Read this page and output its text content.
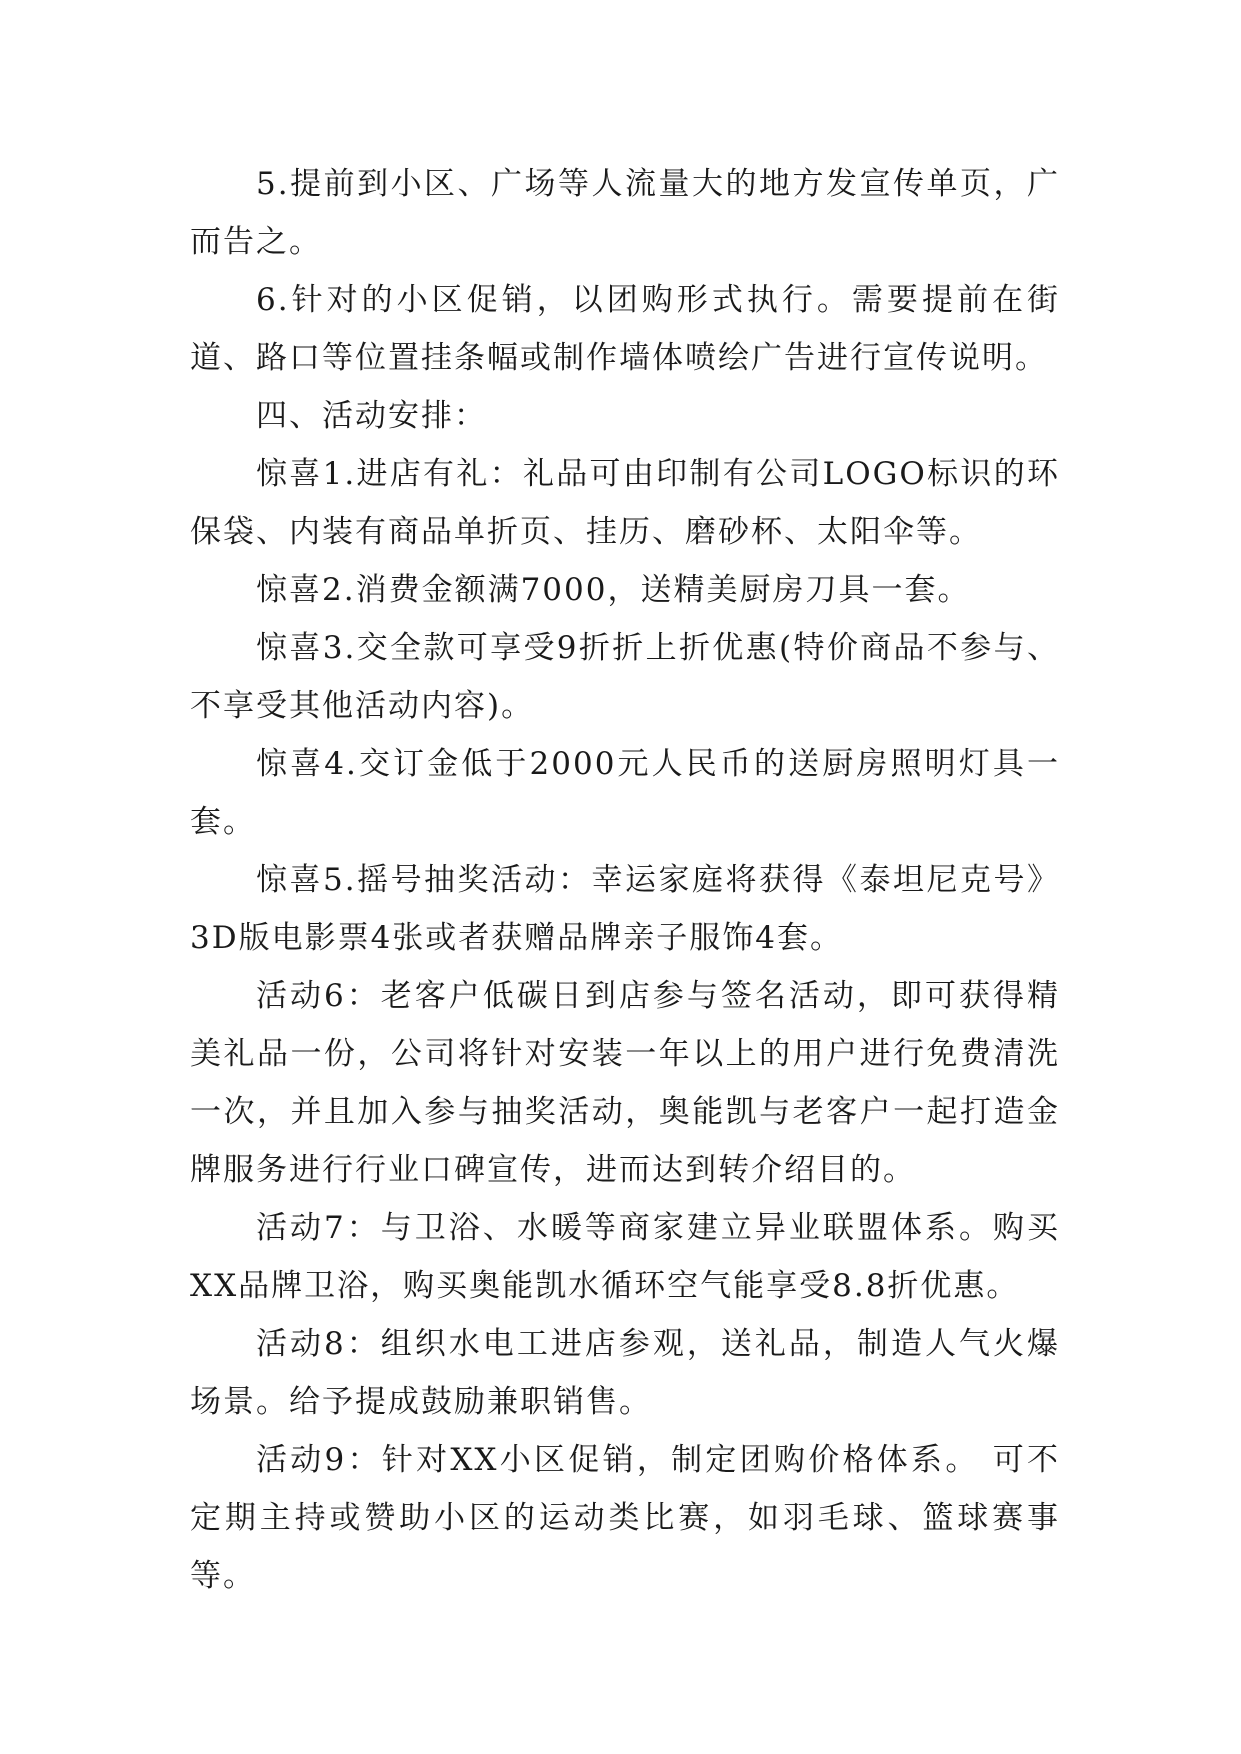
5.提前到小区、广场等人流量大的地方发宣传单页，广而告之。

6.针对的小区促销，以团购形式执行。需要提前在街道、路口等位置挂条幅或制作墙体喷绘广告进行宣传说明。

四、活动安排：

惊喜1.进店有礼：礼品可由印制有公司LOGO标识的环保袋、内装有商品单折页、挂历、磨砂杯、太阳伞等。

惊喜2.消费金额满7000，送精美厨房刀具一套。

惊喜3.交全款可享受9折折上折优惠(特价商品不参与、不享受其他活动内容)。

惊喜4.交订金低于2000元人民币的送厨房照明灯具一套。

惊喜5.摇号抽奖活动：幸运家庭将获得《泰坦尼克号》3D版电影票4张或者获赠品牌亲子服饰4套。

活动6：老客户低碳日到店参与签名活动，即可获得精美礼品一份，公司将针对安装一年以上的用户进行免费清洗一次，并且加入参与抽奖活动，奥能凯与老客户一起打造金牌服务进行行业口碑宣传，进而达到转介绍目的。

活动7：与卫浴、水暖等商家建立异业联盟体系。购买XX品牌卫浴，购买奥能凯水循环空气能享受8.8折优惠。

活动8：组织水电工进店参观，送礼品，制造人气火爆场景。给予提成鼓励兼职销售。

活动9：针对XX小区促销，制定团购价格体系。 可不定期主持或赞助小区的运动类比赛，如羽毛球、篮球赛事等。
